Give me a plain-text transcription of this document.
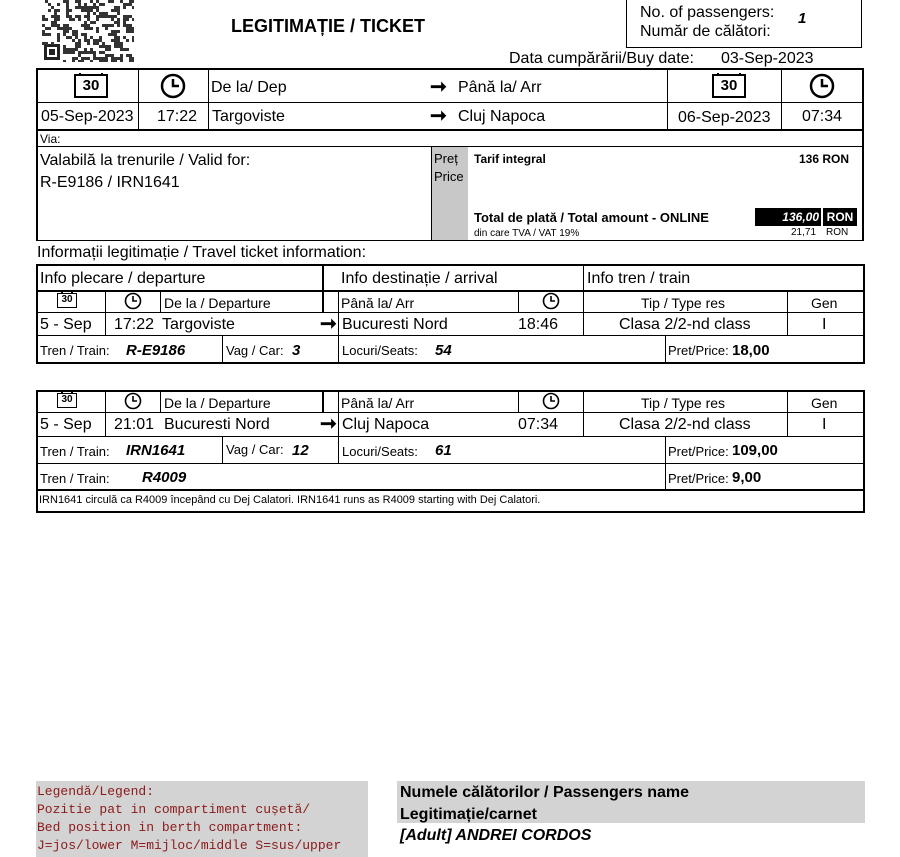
LEGITIMAȚIE / TICKET
No. of passengers:
Număr de călători:
1
Data cumpărării/Buy date: 03-Sep-2023
30	De la/ Dep	➞ Până la/ Arr	30
05-Sep-2023 17:22 Targoviste	➞ Cluj Napoca	06-Sep-2023 07:34
Via:
Valabilă la trenurile / Valid for:
R-E9186 / IRN1641
Preț
Price
Tarif integral	136 RON
Total de plată / Total amount - ONLINE	136,00 RON
din care TVA / VAT 19%	21,71 RON
Informații legitimație / Travel ticket information:
Info plecare / departure	Info destinație / arrival	Info tren / train
30	De la / Departure	Până la/ Arr	Tip / Type res	Gen
5 - Sep 17:22 Targoviste	➞ Bucuresti Nord	18:46	Clasa 2/2-nd class	I
Tren / Train: R-E9186	Vag / Car: 3	Locuri/Seats: 54	Pret/Price: 18,00
30	De la / Departure	Până la/ Arr	Tip / Type res	Gen
5 - Sep 21:01 Bucuresti Nord	➞ Cluj Napoca	07:34	Clasa 2/2-nd class	I
Tren / Train: IRN1641	Vag / Car: 12	Locuri/Seats: 61	Pret/Price: 109,00
Tren / Train: R4009	Pret/Price: 9,00
IRN1641 circulă ca R4009 începând cu Dej Calatori. IRN1641 runs as R4009 starting with Dej Calatori.
Legendă/Legend:
Pozitie pat in compartiment cușetă/
Bed position in berth compartment:
J=jos/lower M=mijloc/middle S=sus/upper
Numele călătorilor / Passengers name
Legitimație/carnet
[Adult] ANDREI CORDOS
